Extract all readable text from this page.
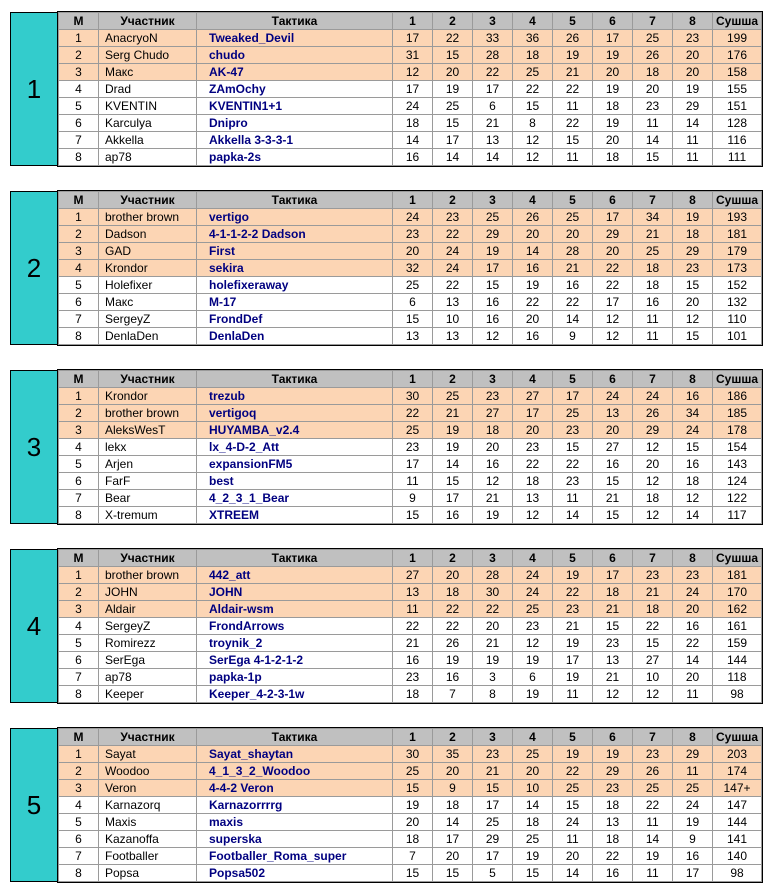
1
М	Участник	Тактика	1	2	3	4	5	6	7	8	Сушша
1	AnacryoN	Tweaked_Devil	17	22	33	36	26	17	25	23	199
2	Serg Chudo	chudo	31	15	28	18	19	19	26	20	176
3	Макс	AK-47	12	20	22	25	21	20	18	20	158
4	Drad	ZAmOchy	17	19	17	22	22	19	20	19	155
5	KVENTIN	KVENTIN1+1	24	25	6	15	11	18	23	29	151
6	Karculya	Dnipro	18	15	21	8	22	19	11	14	128
7	Akkella	Akkella 3-3-3-1	14	17	13	12	15	20	14	11	116
8	ap78	papka-2s	16	14	14	12	11	18	15	11	111
2
М	Участник	Тактика	1	2	3	4	5	6	7	8	Сушша
1	brother brown	vertigo	24	23	25	26	25	17	34	19	193
2	Dadson	4-1-1-2-2 Dadson	23	22	29	20	20	29	21	18	181
3	GAD	First	20	24	19	14	28	20	25	29	179
4	Krondor	sekira	32	24	17	16	21	22	18	23	173
5	Holefixer	holefixeraway	25	22	15	19	16	22	18	15	152
6	Макс	M-17	6	13	16	22	22	17	16	20	132
7	SergeyZ	FrondDef	15	10	16	20	14	12	11	12	110
8	DenlaDen	DenlaDen	13	13	12	16	9	12	11	15	101
3
М	Участник	Тактика	1	2	3	4	5	6	7	8	Сушша
1	Krondor	trezub	30	25	23	27	17	24	24	16	186
2	brother brown	vertigoq	22	21	27	17	25	13	26	34	185
3	AleksWesT	HUYAMBA_v2.4	25	19	18	20	23	20	29	24	178
4	lekx	lx_4-D-2_Att	23	19	20	23	15	27	12	15	154
5	Arjen	expansionFM5	17	14	16	22	22	16	20	16	143
6	FarF	best	11	15	12	18	23	15	12	18	124
7	Bear	4_2_3_1_Bear	9	17	21	13	11	21	18	12	122
8	X-tremum	XTREEM	15	16	19	12	14	15	12	14	117
4
М	Участник	Тактика	1	2	3	4	5	6	7	8	Сушша
1	brother brown	442_att	27	20	28	24	19	17	23	23	181
2	JOHN	JOHN	13	18	30	24	22	18	21	24	170
3	Aldair	Aldair-wsm	11	22	22	25	23	21	18	20	162
4	SergeyZ	FrondArrows	22	22	20	23	21	15	22	16	161
5	Romirezz	troynik_2	21	26	21	12	19	23	15	22	159
6	SerEga	SerEga 4-1-2-1-2	16	19	19	19	17	13	27	14	144
7	ap78	papka-1p	23	16	3	6	19	21	10	20	118
8	Keeper	Keeper_4-2-3-1w	18	7	8	19	11	12	12	11	98
5
М	Участник	Тактика	1	2	3	4	5	6	7	8	Сушша
1	Sayat	Sayat_shaytan	30	35	23	25	19	19	23	29	203
2	Woodoo	4_1_3_2_Woodoo	25	20	21	20	22	29	26	11	174
3	Veron	4-4-2 Veron	15	9	15	10	25	23	25	25	147+
4	Karnazorq	Karnazorrrrg	19	18	17	14	15	18	22	24	147
5	Maxis	maxis	20	14	25	18	24	13	11	19	144
6	Kazanoffa	superska	18	17	29	25	11	18	14	9	141
7	Footballer	Footballer_Roma_super	7	20	17	19	20	22	19	16	140
8	Popsa	Popsa502	15	15	5	15	14	16	11	17	98
